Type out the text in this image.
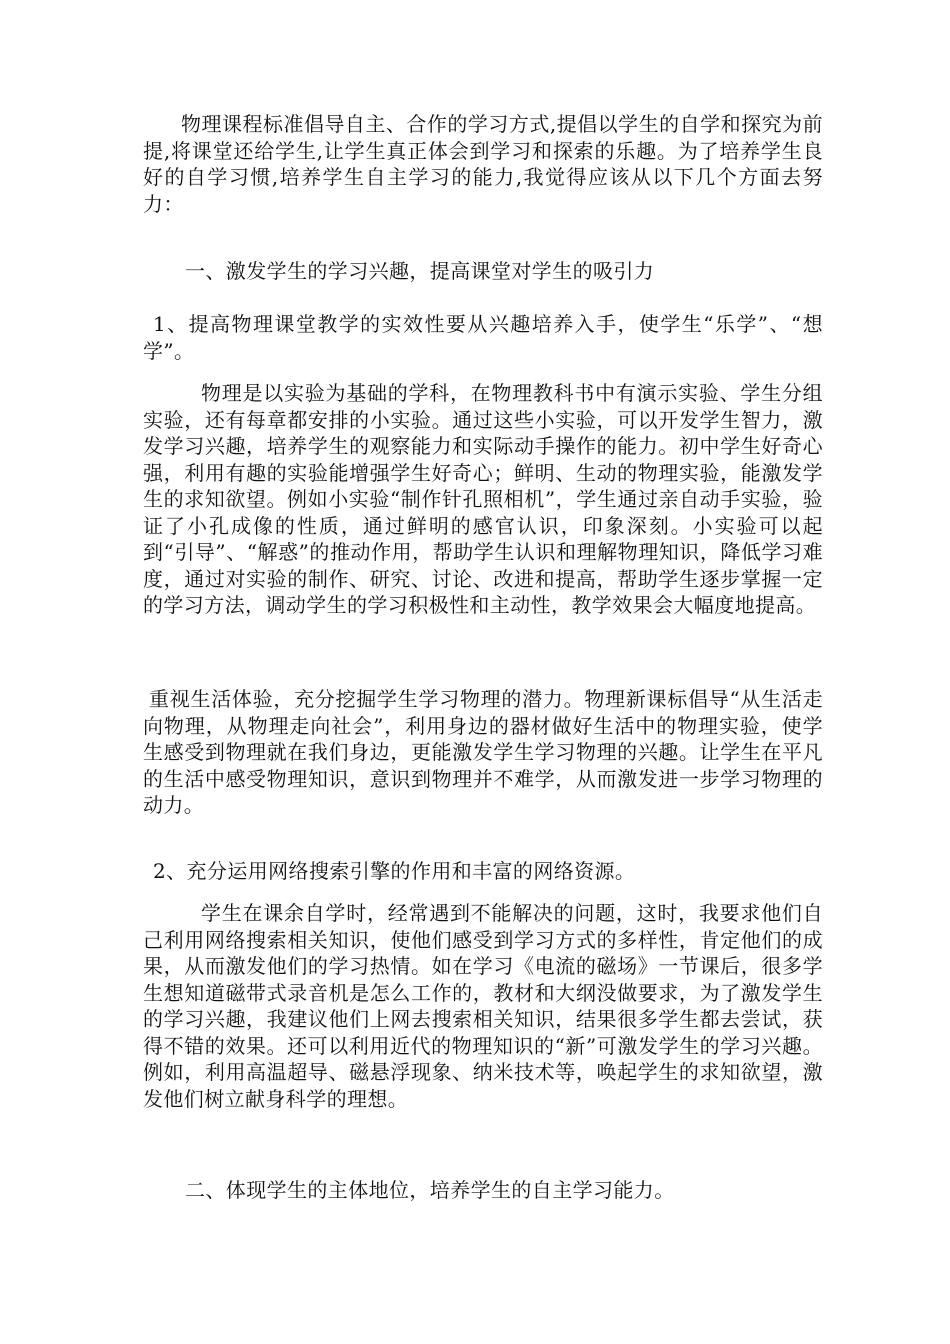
物理课程标准倡导自主、合作的学习方式,提倡以学生的自学和探究为前提,将课堂还给学生,让学生真正体会到学习和探索的乐趣。为了培养学生良好的自学习惯,培养学生自主学习的能力,我觉得应该从以下几个方面去努力：

一、激发学生的学习兴趣，提高课堂对学生的吸引力

1、提高物理课堂教学的实效性要从兴趣培养入手，使学生“乐学”、“想学”。

物理是以实验为基础的学科，在物理教科书中有演示实验、学生分组实验，还有每章都安排的小实验。通过这些小实验，可以开发学生智力，激发学习兴趣，培养学生的观察能力和实际动手操作的能力。初中学生好奇心强，利用有趣的实验能增强学生好奇心；鲜明、生动的物理实验，能激发学生的求知欲望。例如小实验“制作针孔照相机”，学生通过亲自动手实验，验证了小孔成像的性质，通过鲜明的感官认识，印象深刻。小实验可以起到“引导”、“解惑”的推动作用，帮助学生认识和理解物理知识，降低学习难度，通过对实验的制作、研究、讨论、改进和提高，帮助学生逐步掌握一定的学习方法，调动学生的学习积极性和主动性，教学效果会大幅度地提高。

重视生活体验，充分挖掘学生学习物理的潜力。物理新课标倡导“从生活走向物理，从物理走向社会”，利用身边的器材做好生活中的物理实验，使学生感受到物理就在我们身边，更能激发学生学习物理的兴趣。让学生在平凡的生活中感受物理知识，意识到物理并不难学，从而激发进一步学习物理的动力。

2、充分运用网络搜索引擎的作用和丰富的网络资源。

学生在课余自学时，经常遇到不能解决的问题，这时，我要求他们自己利用网络搜索相关知识，使他们感受到学习方式的多样性，肯定他们的成果，从而激发他们的学习热情。如在学习《电流的磁场》一节课后，很多学生想知道磁带式录音机是怎么工作的，教材和大纲没做要求，为了激发学生的学习兴趣，我建议他们上网去搜索相关知识，结果很多学生都去尝试，获得不错的效果。还可以利用近代的物理知识的“新”可激发学生的学习兴趣。例如，利用高温超导、磁悬浮现象、纳米技术等，唤起学生的求知欲望，激发他们树立献身科学的理想。

二、体现学生的主体地位，培养学生的自主学习能力。
